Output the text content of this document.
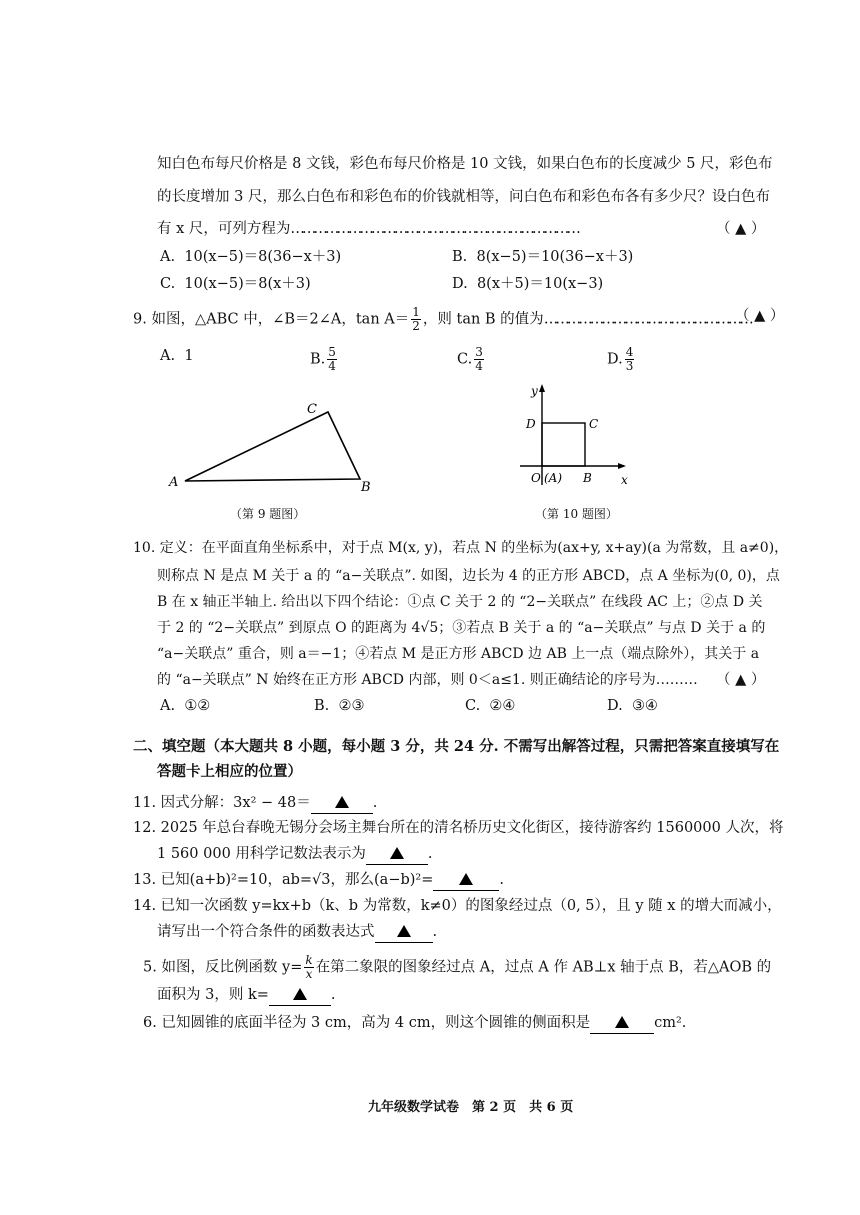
知白色布每尺价格是 8 文钱，彩色布每尺价格是 10 文钱，如果白色布的长度减少 5 尺，彩色布
的长度增加 3 尺，那么白色布和彩色布的价钱就相等，问白色布和彩色布各有多少尺？设白色布
有 x 尺，可列方程为…………………………………………………………………	（ ▲ ）
A. 10(x−5)＝8(36−x＋3)	B. 8(x−5)＝10(36−x＋3)
C. 10(x−5)＝8(x＋3)	D. 8(x＋5)＝10(x−3)
9. 如图，△ABC 中，∠B＝2∠A，$\tan A= \frac{1}{2}$ ，则 tan B 的值为………………………………………………
（ ▲ ）
A. 1	B. $\frac{5}{4}$	C. $\frac{3}{4}$	D. $\frac{4}{3}$
A	B
C
（第 9 题图）
y
x
D	C
O (A) B
（第 10 题图）
10. 定义：在平面直角坐标系中，对于点 M(x, y)，若点 N 的坐标为(ax+y, x+ay)(a 为常数，且 a≠0)，
则称点 N 是点 M 关于 a 的 “a−关联点”. 如图，边长为 4 的正方形 ABCD，点 A 坐标为(0, 0)，点
B 在 x 轴正半轴上. 给出以下四个结论：①点 C 关于 2 的 “2−关联点” 在线段 AC 上；②点 D 关
于 2 的 “2−关联点” 到原点 O 的距离为 4√5；③若点 B 关于 a 的 “a−关联点” 与点 D 关于 a 的
“a−关联点” 重合，则 a＝−1；④若点 M 是正方形 ABCD 边 AB 上一点（端点除外），其关于 a
的 “a−关联点” N 始终在正方形 ABCD 内部，则 0＜a≤1. 则正确结论的序号为……… （ ▲ ）
A. ①②	B. ②③	C. ②④	D. ③④
二、填空题（本大题共 8 小题，每小题 3 分，共 24 分. 不需写出解答过程，只需把答案直接填写在
答题卡上相应的位置）
11. 因式分解：3x² − 48＝	.
12. 2025 年总台春晚无锡分会场主舞台所在的清名桥历史文化街区，接待游客约 1560000 人次，将
1 560 000 用科学记数法表示为	.
13. 已知(a+b)²=10，ab=√3，那么(a−b)²=	.
14. 已知一次函数 y=kx+b（k、b 为常数，k≠0）的图象经过点（0, 5），且 y 随 x 的增大而减小，
请写出一个符合条件的函数表达式	.
5. 如图，反比例函数 $y= \frac{k}{x}$ 在第二象限的图象经过点 A，过点 A 作 AB⊥x 轴于点 B，若△AOB 的
面积为 3，则 k=	.
6. 已知圆锥的底面半径为 3 cm，高为 4 cm，则这个圆锥的侧面积是	cm².
九年级数学试卷　第 2 页　共 6 页
